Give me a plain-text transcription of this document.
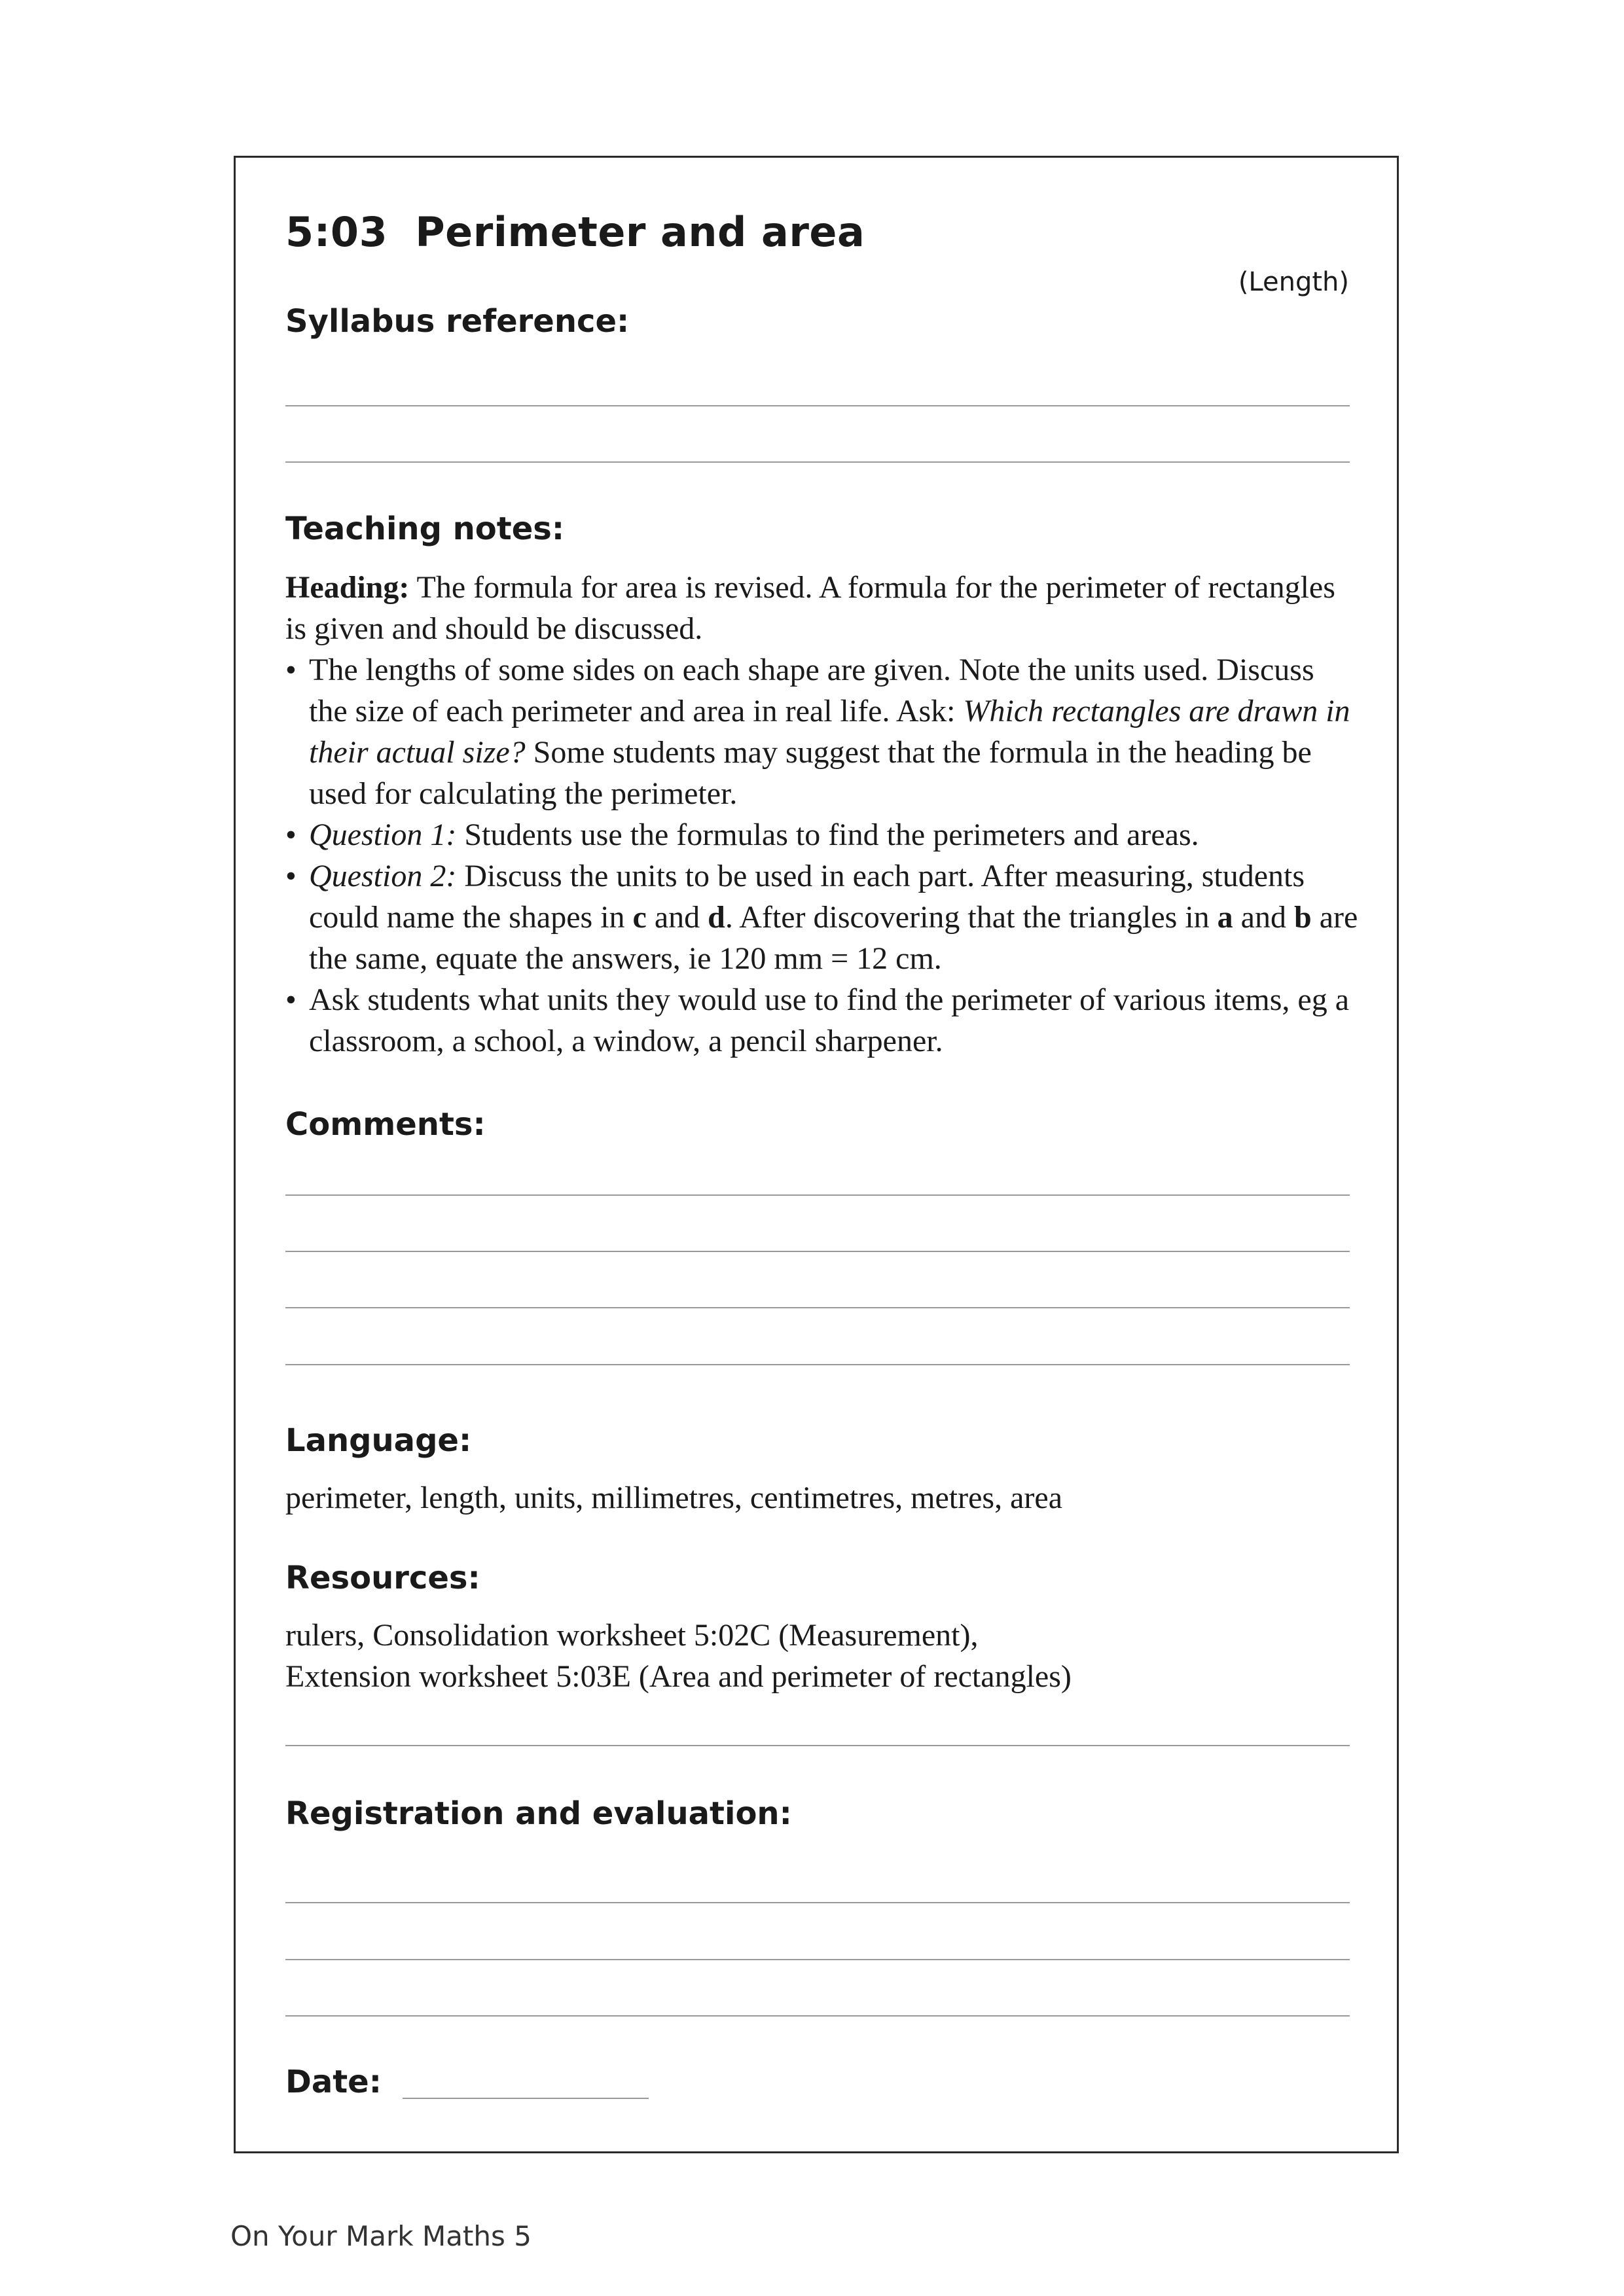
5:03 Perimeter and area
(Length)
Syllabus reference:
Teaching notes:

Heading: The formula for area is revised. A formula for the perimeter of rectangles is given and should be discussed.

• The lengths of some sides on each shape are given. Note the units used. Discuss the size of each perimeter and area in real life. Ask: Which rectangles are drawn in their actual size? Some students may suggest that the formula in the heading be used for calculating the perimeter.
• Question 1: Students use the formulas to find the perimeters and areas.
• Question 2: Discuss the units to be used in each part. After measuring, students could name the shapes in c and d. After discovering that the triangles in a and b are the same, equate the answers, ie 120 mm = 12 cm.
• Ask students what units they would use to find the perimeter of various items, eg a classroom, a school, a window, a pencil sharpener.
Comments:
Language:
perimeter, length, units, millimetres, centimetres, metres, area
Resources:
rulers, Consolidation worksheet 5:02C (Measurement),
Extension worksheet 5:03E (Area and perimeter of rectangles)
Registration and evaluation:
Date:
On Your Mark Maths 5
